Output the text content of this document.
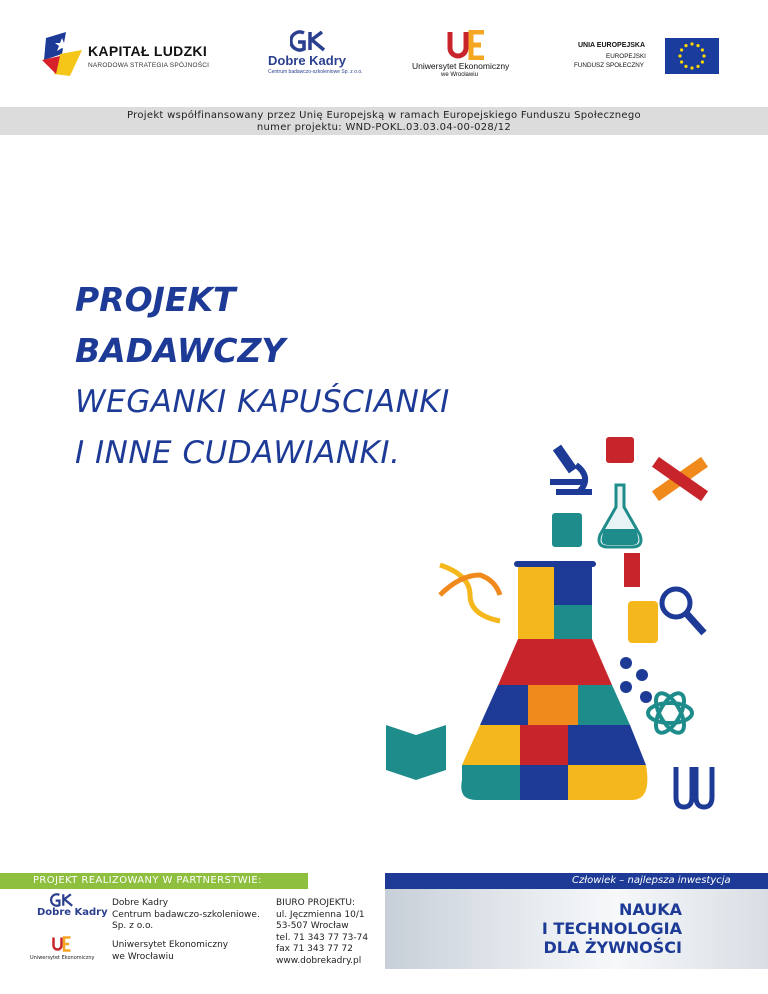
KAPITAŁ LUDZKI
NARODOWA STRATEGIA SPÓJNOŚCI	Dobre Kadry
Centrum badawczo-szkoleniowe Sp. z o.o.
Uniwersytet Ekonomiczny
we Wrocławiu
UNIA EUROPEJSKA
EUROPEJSKI
FUNDUSZ SPOŁECZNY
Projekt współfinansowany przez Unię Europejską w ramach Europejskiego Funduszu Społecznego
numer projektu: WND-POKL.03.03.04-00-028/12
PROJEKT
BADAWCZY
WEGANKI KAPUŚCIANKI
I INNE CUDAWIANKI.
PROJEKT REALIZOWANY W PARTNERSTWIE:	Człowiek – najlepsza inwestycja
Dobre Kadry
Uniwersytet Ekonomiczny
Dobre Kadry
Centrum badawczo-szkoleniowe.
Sp. z o.o.
Uniwersytet Ekonomiczny
we Wrocławiu
BIURO PROJEKTU:
ul. Jęczmienna 10/1
53-507 Wrocław
tel. 71 343 77 73-74
fax 71 343 77 72
www.dobrekadry.pl
NAUKA
I TECHNOLOGIA
DLA ŻYWNOŚCI
